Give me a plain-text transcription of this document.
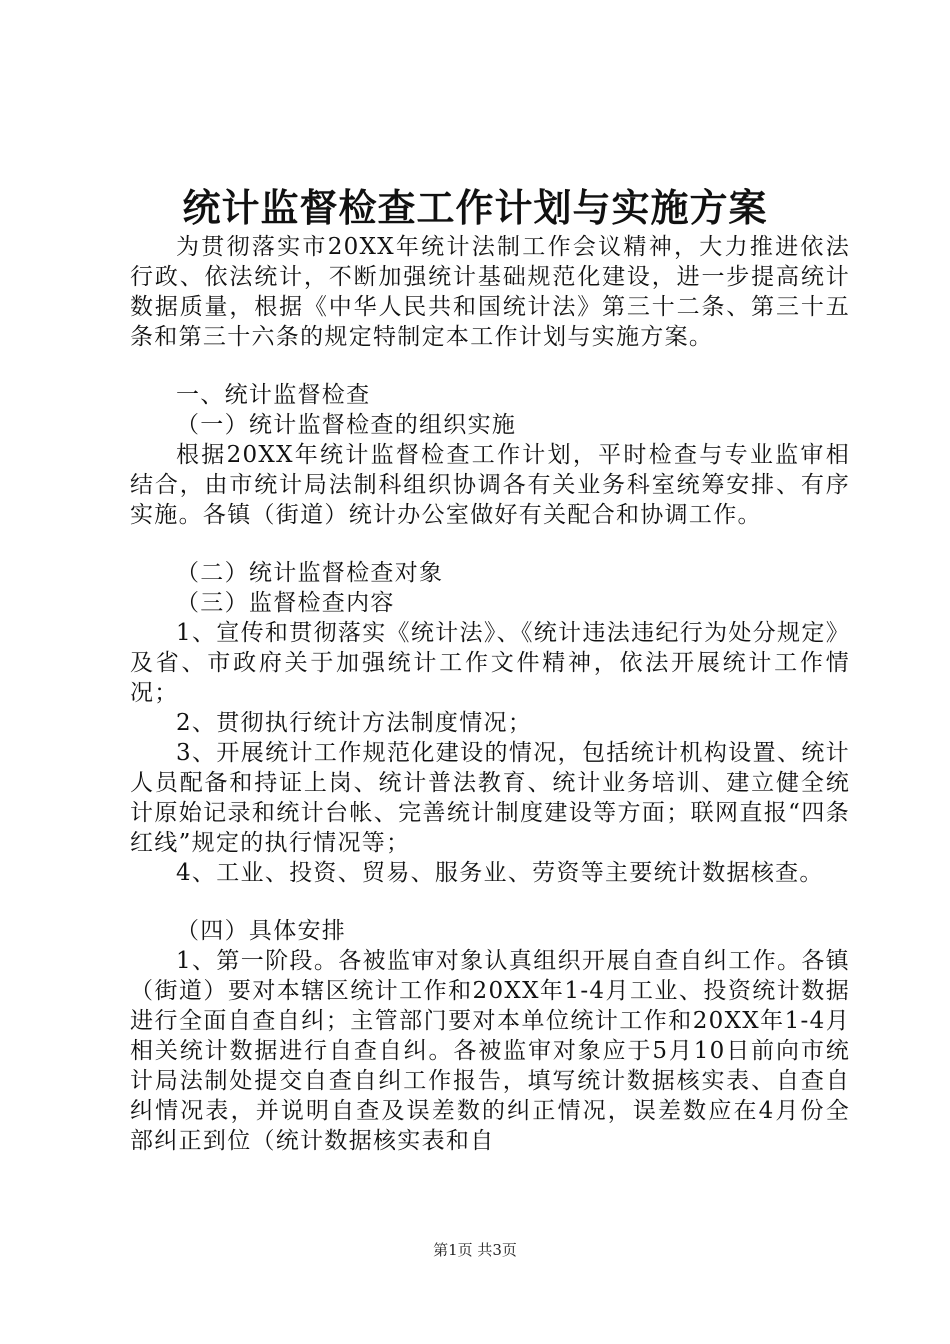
统计监督检查工作计划与实施方案

为贯彻落实市20XX年统计法制工作会议精神，大力推进依法行政、依法统计，不断加强统计基础规范化建设，进一步提高统计数据质量，根据《中华人民共和国统计法》第三十二条、第三十五条和第三十六条的规定特制定本工作计划与实施方案。

一、统计监督检查

（一）统计监督检查的组织实施

根据20XX年统计监督检查工作计划，平时检查与专业监审相结合，由市统计局法制科组织协调各有关业务科室统筹安排、有序实施。各镇（街道）统计办公室做好有关配合和协调工作。

（二）统计监督检查对象

（三）监督检查内容

1、宣传和贯彻落实《统计法》、《统计违法违纪行为处分规定》及省、市政府关于加强统计工作文件精神，依法开展统计工作情况；

2、贯彻执行统计方法制度情况；

3、开展统计工作规范化建设的情况，包括统计机构设置、统计人员配备和持证上岗、统计普法教育、统计业务培训、建立健全统计原始记录和统计台帐、完善统计制度建设等方面；联网直报“四条红线”规定的执行情况等；

4、工业、投资、贸易、服务业、劳资等主要统计数据核查。

（四）具体安排

1、第一阶段。各被监审对象认真组织开展自查自纠工作。各镇（街道）要对本辖区统计工作和20XX年1-4月工业、投资统计数据进行全面自查自纠；主管部门要对本单位统计工作和20XX年1-4月相关统计数据进行自查自纠。各被监审对象应于5月10日前向市统计局法制处提交自查自纠工作报告，填写统计数据核实表、自查自纠情况表，并说明自查及误差数的纠正情况，误差数应在4月份全部纠正到位（统计数据核实表和自

第1页 共3页
